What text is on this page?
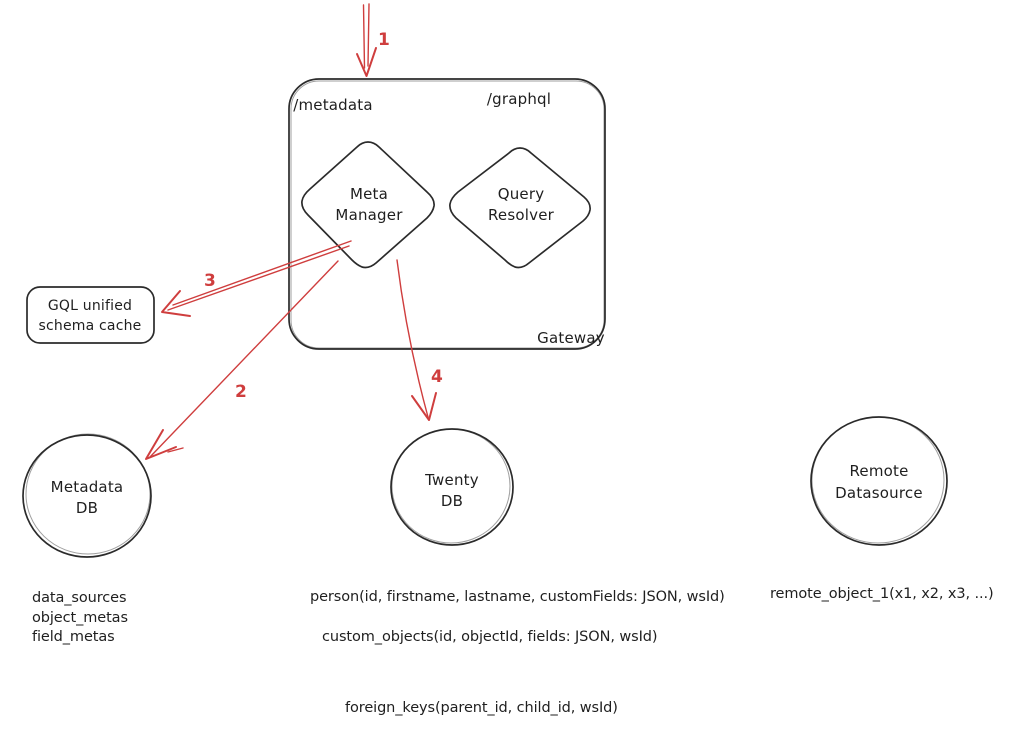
/metadata	/graphql
Gateway
Meta
Manager
Query
Resolver
GQL unified
schema cache
Metadata
DB
Twenty
DB
Remote
Datasource
1
3
2
4
data_sources
object_metas
field_metas
person(id, firstname, lastname, customFields: JSON, wsId)
custom_objects(id, objectId, fields: JSON, wsId)
foreign_keys(parent_id, child_id, wsId)
remote_object_1(x1, x2, x3, ...)
